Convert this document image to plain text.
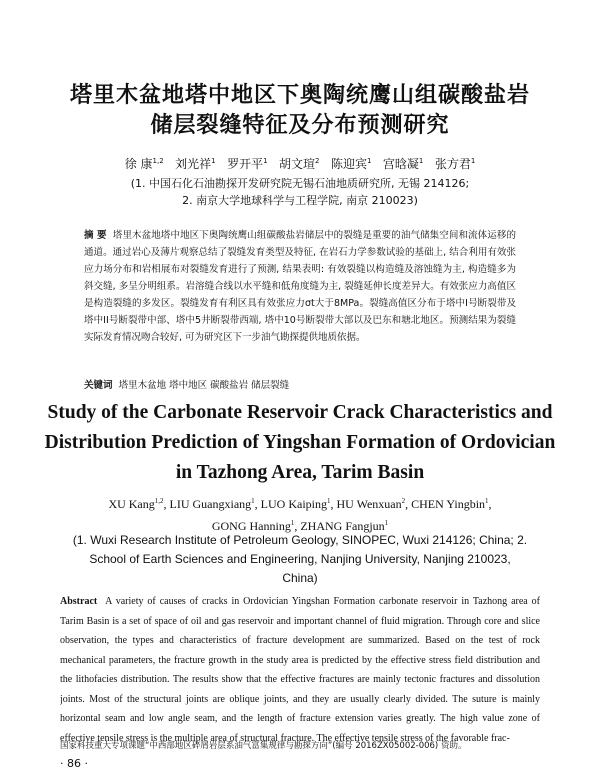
塔里木盆地塔中地区下奥陶统鹰山组碳酸盐岩
储层裂缝特征及分布预测研究
徐 康$^{1,2}$ 刘光祥$^1$ 罗开平$^1$ 胡文瑄$^2$ 陈迎宾$^1$ 宫晗凝$^1$ 张方君$^1$
(1. 中国石化石油勘探开发研究院无锡石油地质研究所, 无锡 214126;
2. 南京大学地球科学与工程学院, 南京 210023)
摘 要 塔里木盆地塔中地区下奥陶统鹰山组碳酸盐岩储层中的裂缝是重要的油气储集空间和流体运移的通道。通过岩心及薄片观察总结了裂缝发育类型及特征, 在岩石力学参数试验的基础上, 结合利用有效张应力场分布和岩相展布对裂缝发育进行了预测, 结果表明: 有效裂缝以构造缝及溶蚀缝为主, 构造缝多为斜交缝, 多呈分明组系。岩溶缝合线以水平缝和低角度缝为主, 裂缝延伸长度差异大。有效张应力高值区是构造裂缝的多发区。裂缝发育有利区具有效张应力σt大于8MPa。裂缝高值区分布于塔中I号断裂带及塔中II号断裂带中部、塔中5井断裂带西端, 塔中10号断裂带大部以及巴东和塘北地区。预测结果为裂缝实际发育情况吻合较好, 可为研究区下一步油气勘探提供地质依据。
关键词 塔里木盆地 塔中地区 碳酸盐岩 储层裂缝
Study of the Carbonate Reservoir Crack Characteristics and
Distribution Prediction of Yingshan Formation of Ordovician
in Tazhong Area, Tarim Basin
XU Kang$^{1,2}$, LIU Guangxiang$^1$, LUO Kaiping$^1$, HU Wenxuan$^2$, CHEN Yingbin$^1$,
GONG Hanning$^1$, ZHANG Fangjun$^1$
(1. Wuxi Research Institute of Petroleum Geology, SINOPEC, Wuxi 214126; China; 2. School of Earth Sciences and Engineering, Nanjing University, Nanjing 210023, China)
Abstract A variety of causes of cracks in Ordovician Yingshan Formation carbonate reservoir in Tazhong area of Tarim Basin is a set of space of oil and gas reservoir and important channel of fluid migration. Through core and slice observation, the types and characteristics of fracture development are summarized. Based on the test of rock mechanical parameters, the fracture growth in the study area is predicted by the effective stress field distribution and the lithofacies distribution. The results show that the effective fractures are mainly tectonic fractures and dissolution joints. Most of the structural joints are oblique joints, and they are usually clearly divided. The suture is mainly horizontal seam and low angle seam, and the length of fracture extension varies greatly. The high value zone of effective tensile stress is the multiple area of structural fracture. The effective tensile stress of the favorable frac-
国家科技重大专项课题“中西部地区碎屑岩层系油气富集规律与勘探方向”(编号 2016ZX05002-006) 资助。
· 86 ·
